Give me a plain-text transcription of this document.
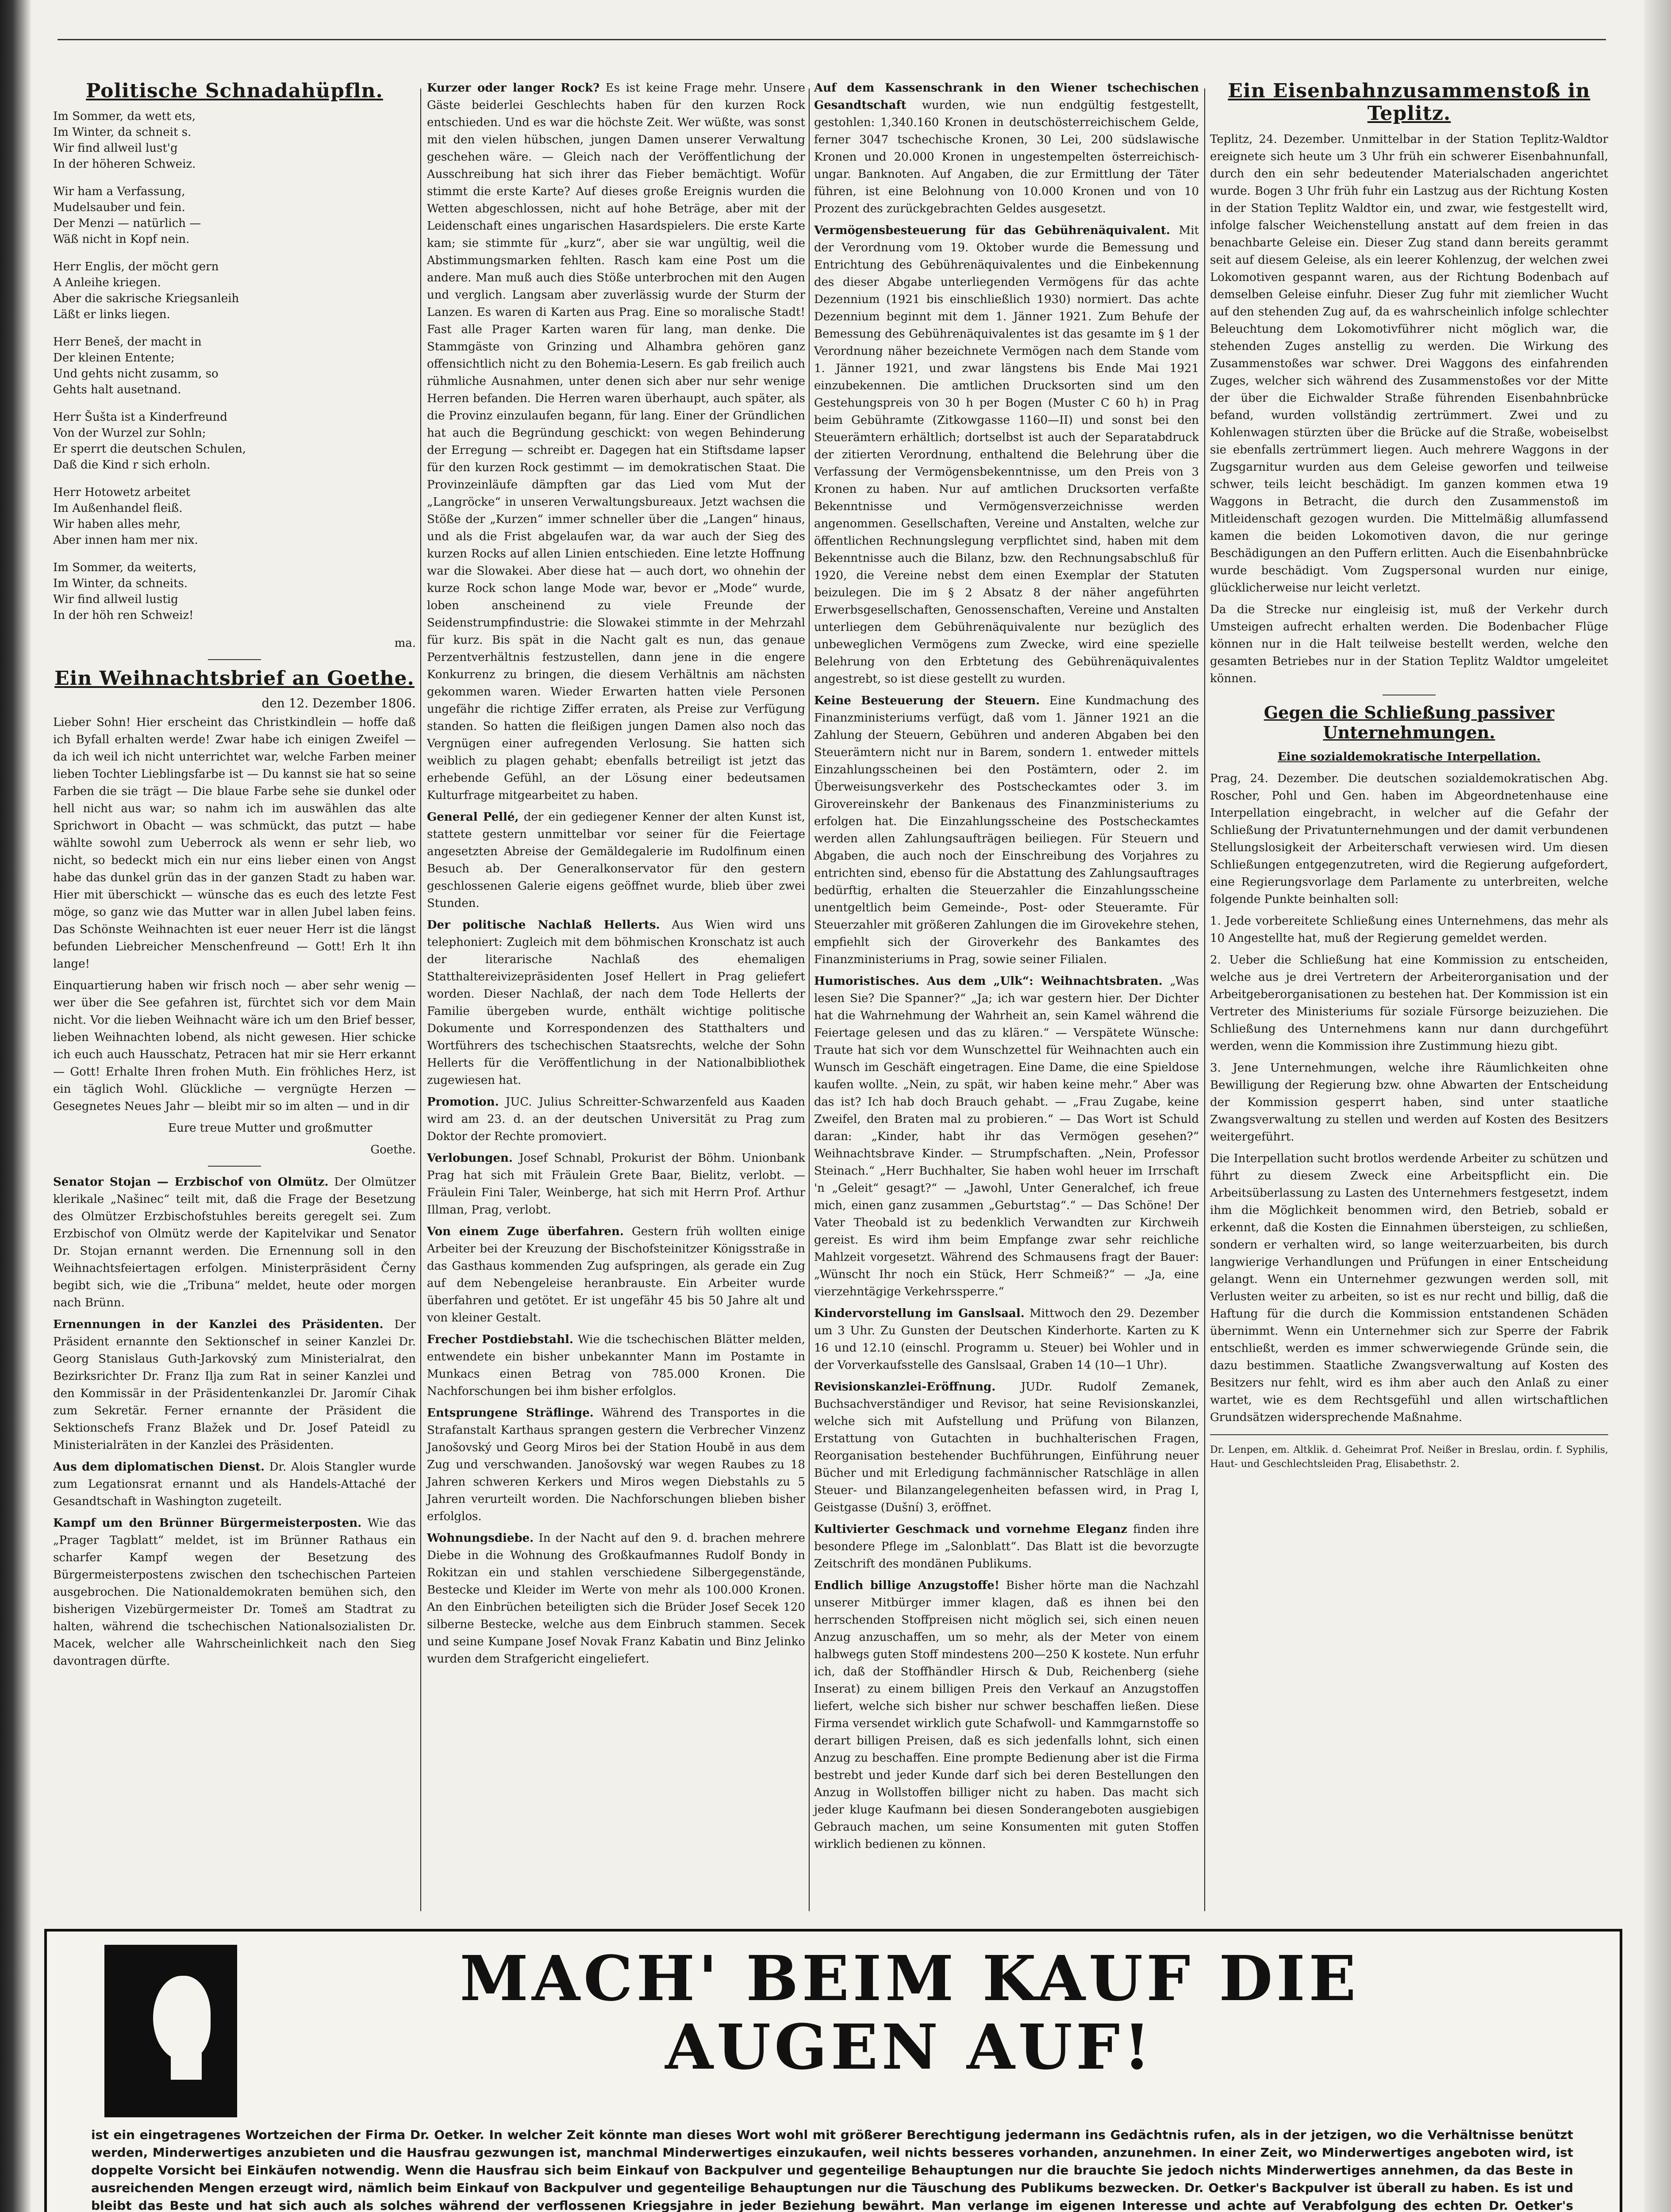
Politische Schnadahüpfln.

Im Sommer, da wett ets,

Im Winter, da schneit s.

Wir find allweil lust'g

In der höheren Schweiz.

Wir ham a Verfassung,

Mudelsauber und fein.

Der Menzi — natürlich —

Wäß nicht in Kopf nein.

Herr Englis, der möcht gern

A Anleihe kriegen.

Aber die sakrische Kriegsanleih

Läßt er links liegen.

Herr Beneš, der macht in

Der kleinen Entente;

Und gehts nicht zusamm, so

Gehts halt ausetnand.

Herr Šušta ist a Kinderfreund

Von der Wurzel zur Sohln;

Er sperrt die deutschen Schulen,

Daß die Kind r sich erholn.

Herr Hotowetz arbeitet

Im Außenhandel fleiß.

Wir haben alles mehr,

Aber innen ham mer nix.

Im Sommer, da weiterts,

Im Winter, da schneits.

Wir find allweil lustig

In der höh ren Schweiz!

ma.

Ein Weihnachtsbrief an Goethe.
den 12. Dezember 1806.

Lieber Sohn! Hier erscheint das Christkindlein — hoffe daß ich Byfall erhalten werde! Zwar habe ich einigen Zweifel — da ich weil ich nicht unterrichtet war, welche Farben meiner lieben Tochter Lieblingsfarbe ist — Du kannst sie hat so seine Farben die sie trägt — Die blaue Farbe sehe sie dunkel oder hell nicht aus war; so nahm ich im auswählen das alte Sprichwort in Obacht — was schmückt, das putzt — habe wählte sowohl zum Ueberrock als wenn er sehr lieb, wo nicht, so bedeckt mich ein nur eins lieber einen von Angst habe das dunkel grün das in der ganzen Stadt zu haben war. Hier mit überschickt — wünsche das es euch des letzte Fest möge, so ganz wie das Mutter war in allen Jubel laben feins. Das Schönste Weihnachten ist euer neuer Herr ist die längst befunden Liebreicher Menschenfreund — Gott! Erh lt ihn lange!

Einquartierung haben wir frisch noch — aber sehr wenig — wer über die See gefahren ist, fürchtet sich vor dem Main nicht. Vor die lieben Weihnacht wäre ich um den Brief besser, lieben Weihnachten lobend, als nicht gewesen. Hier schicke ich euch auch Hausschatz, Petracen hat mir sie Herr erkannt — Gott! Erhalte Ihren frohen Muth. Ein fröhliches Herz, ist ein täglich Wohl. Glückliche — vergnügte Herzen — Gesegnetes Neues Jahr — bleibt mir so im alten — und in dir

Eure treue Mutter und großmutter

Goethe.

Senator Stojan — Erzbischof von Olmütz. Der Olmützer klerikale „Našinec“ teilt mit, daß die Frage der Besetzung des Olmützer Erzbischofstuhles bereits geregelt sei. Zum Erzbischof von Olmütz werde der Kapitelvikar und Senator Dr. Stojan ernannt werden. Die Ernennung soll in den Weihnachtsfeiertagen erfolgen. Ministerpräsident Černy begibt sich, wie die „Tribuna“ meldet, heute oder morgen nach Brünn.

Ernennungen in der Kanzlei des Präsidenten. Der Präsident ernannte den Sektionschef in seiner Kanzlei Dr. Georg Stanislaus Guth-Jarkovský zum Ministerialrat, den Bezirksrichter Dr. Franz Ilja zum Rat in seiner Kanzlei und den Kommissär in der Präsidentenkanzlei Dr. Jaromír Cihak zum Sekretär. Ferner ernannte der Präsident die Sektionschefs Franz Blažek und Dr. Josef Pateidl zu Ministerialräten in der Kanzlei des Präsidenten.

Aus dem diplomatischen Dienst. Dr. Alois Stangler wurde zum Legationsrat ernannt und als Handels-Attaché der Gesandtschaft in Washington zugeteilt.

Kampf um den Brünner Bürgermeisterposten. Wie das „Prager Tagblatt“ meldet, ist im Brünner Rathaus ein scharfer Kampf wegen der Besetzung des Bürgermeisterpostens zwischen den tschechischen Parteien ausgebrochen. Die Nationaldemokraten bemühen sich, den bisherigen Vizebürgermeister Dr. Tomeš am Stadtrat zu halten, während die tschechischen Nationalsozialisten Dr. Macek, welcher alle Wahrscheinlichkeit nach den Sieg davontragen dürfte.

Kurzer oder langer Rock? Es ist keine Frage mehr. Unsere Gäste beiderlei Geschlechts haben für den kurzen Rock entschieden. Und es war die höchste Zeit. Wer wüßte, was sonst mit den vielen hübschen, jungen Damen unserer Verwaltung geschehen wäre. — Gleich nach der Veröffentlichung der Ausschreibung hat sich ihrer das Fieber bemächtigt. Wofür stimmt die erste Karte? Auf dieses große Ereignis wurden die Wetten abgeschlossen, nicht auf hohe Beträge, aber mit der Leidenschaft eines ungarischen Hasardspielers. Die erste Karte kam; sie stimmte für „kurz“, aber sie war ungültig, weil die Abstimmungsmarken fehlten. Rasch kam eine Post um die andere. Man muß auch dies Stöße unterbrochen mit den Augen und verglich. Langsam aber zuverlässig wurde der Sturm der Lanzen. Es waren di Karten aus Prag. Eine so moralische Stadt! Fast alle Prager Karten waren für lang, man denke. Die Stammgäste von Grinzing und Alhambra gehören ganz offensichtlich nicht zu den Bohemia-Lesern. Es gab freilich auch rühmliche Ausnahmen, unter denen sich aber nur sehr wenige Herren befanden. Die Herren waren überhaupt, auch später, als die Provinz einzulaufen begann, für lang. Einer der Gründlichen hat auch die Begründung geschickt: von wegen Behinderung der Erregung — schreibt er. Dagegen hat ein Stiftsdame lapser für den kurzen Rock gestimmt — im demokratischen Staat. Die Provinzeinläufe dämpften gar das Lied vom Mut der „Langröcke“ in unseren Verwaltungsbureaux. Jetzt wachsen die Stöße der „Kurzen“ immer schneller über die „Langen“ hinaus, und als die Frist abgelaufen war, da war auch der Sieg des kurzen Rocks auf allen Linien entschieden. Eine letzte Hoffnung war die Slowakei. Aber diese hat — auch dort, wo ohnehin der kurze Rock schon lange Mode war, bevor er „Mode“ wurde, loben anscheinend zu viele Freunde der Seidenstrumpfindustrie: die Slowakei stimmte in der Mehrzahl für kurz. Bis spät in die Nacht galt es nun, das genaue Perzentverhältnis festzustellen, dann jene in die engere Konkurrenz zu bringen, die diesem Verhältnis am nächsten gekommen waren. Wieder Erwarten hatten viele Personen ungefähr die richtige Ziffer erraten, als Preise zur Verfügung standen. So hatten die fleißigen jungen Damen also noch das Vergnügen einer aufregenden Verlosung. Sie hatten sich weiblich zu plagen gehabt; ebenfalls betreiligt ist jetzt das erhebende Gefühl, an der Lösung einer bedeutsamen Kulturfrage mitgearbeitet zu haben.

General Pellé, der ein gediegener Kenner der alten Kunst ist, stattete gestern unmittelbar vor seiner für die Feiertage angesetzten Abreise der Gemäldegalerie im Rudolfinum einen Besuch ab. Der Generalkonservator für den gestern geschlossenen Galerie eigens geöffnet wurde, blieb über zwei Stunden.

Der politische Nachlaß Hellerts. Aus Wien wird uns telephoniert: Zugleich mit dem böhmischen Kronschatz ist auch der literarische Nachlaß des ehemaligen Statthaltereivizepräsidenten Josef Hellert in Prag geliefert worden. Dieser Nachlaß, der nach dem Tode Hellerts der Familie übergeben wurde, enthält wichtige politische Dokumente und Korrespondenzen des Statthalters und Wortführers des tschechischen Staatsrechts, welche der Sohn Hellerts für die Veröffentlichung in der Nationalbibliothek zugewiesen hat.

Promotion. JUC. Julius Schreitter-Schwarzenfeld aus Kaaden wird am 23. d. an der deutschen Universität zu Prag zum Doktor der Rechte promoviert.

Verlobungen. Josef Schnabl, Prokurist der Böhm. Unionbank Prag hat sich mit Fräulein Grete Baar, Bielitz, verlobt. — Fräulein Fini Taler, Weinberge, hat sich mit Herrn Prof. Arthur Illman, Prag, verlobt.

Von einem Zuge überfahren. Gestern früh wollten einige Arbeiter bei der Kreuzung der Bischofsteinitzer Königsstraße in das Gasthaus kommenden Zug aufspringen, als gerade ein Zug auf dem Nebengeleise heranbrauste. Ein Arbeiter wurde überfahren und getötet. Er ist ungefähr 45 bis 50 Jahre alt und von kleiner Gestalt.

Frecher Postdiebstahl. Wie die tschechischen Blätter melden, entwendete ein bisher unbekannter Mann im Postamte in Munkacs einen Betrag von 785.000 Kronen. Die Nachforschungen bei ihm bisher erfolglos.

Entsprungene Sträflinge. Während des Transportes in die Strafanstalt Karthaus sprangen gestern die Verbrecher Vinzenz Janošovský und Georg Miros bei der Station Houbě in aus dem Zug und verschwanden. Janošovský war wegen Raubes zu 18 Jahren schweren Kerkers und Miros wegen Diebstahls zu 5 Jahren verurteilt worden. Die Nachforschungen blieben bisher erfolglos.

Wohnungsdiebe. In der Nacht auf den 9. d. brachen mehrere Diebe in die Wohnung des Großkaufmannes Rudolf Bondy in Rokitzan ein und stahlen verschiedene Silbergegenstände, Bestecke und Kleider im Werte von mehr als 100.000 Kronen. An den Einbrüchen beteiligten sich die Brüder Josef Secek 120 silberne Bestecke, welche aus dem Einbruch stammen. Secek und seine Kumpane Josef Novak Franz Kabatin und Binz Jelinko wurden dem Strafgericht eingeliefert.

Auf dem Kassenschrank in den Wiener tschechischen Gesandtschaft wurden, wie nun endgültig festgestellt, gestohlen: 1,340.160 Kronen in deutschösterreichischem Gelde, ferner 3047 tschechische Kronen, 30 Lei, 200 südslawische Kronen und 20.000 Kronen in ungestempelten österreichisch-ungar. Banknoten. Auf Angaben, die zur Ermittlung der Täter führen, ist eine Belohnung von 10.000 Kronen und von 10 Prozent des zurückgebrachten Geldes ausgesetzt.

Vermögensbesteuerung für das Gebührenäquivalent. Mit der Verordnung vom 19. Oktober wurde die Bemessung und Entrichtung des Gebührenäquivalentes und die Einbekennung des dieser Abgabe unterliegenden Vermögens für das achte Dezennium (1921 bis einschließlich 1930) normiert. Das achte Dezennium beginnt mit dem 1. Jänner 1921. Zum Behufe der Bemessung des Gebührenäquivalentes ist das gesamte im § 1 der Verordnung näher bezeichnete Vermögen nach dem Stande vom 1. Jänner 1921, und zwar längstens bis Ende Mai 1921 einzubekennen. Die amtlichen Drucksorten sind um den Gestehungspreis von 30 h per Bogen (Muster C 60 h) in Prag beim Gebühramte (Zitkowgasse 1160—II) und sonst bei den Steuerämtern erhältlich; dortselbst ist auch der Separatabdruck der zitierten Verordnung, enthaltend die Belehrung über die Verfassung der Vermögensbekenntnisse, um den Preis von 3 Kronen zu haben. Nur auf amtlichen Drucksorten verfaßte Bekenntnisse und Vermögensverzeichnisse werden angenommen. Gesellschaften, Vereine und Anstalten, welche zur öffentlichen Rechnungslegung verpflichtet sind, haben mit dem Bekenntnisse auch die Bilanz, bzw. den Rechnungsabschluß für 1920, die Vereine nebst dem einen Exemplar der Statuten beizulegen. Die im § 2 Absatz 8 der näher angeführten Erwerbsgesellschaften, Genossenschaften, Vereine und Anstalten unterliegen dem Gebührenäquivalente nur bezüglich des unbeweglichen Vermögens zum Zwecke, wird eine spezielle Belehrung von den Erbtetung des Gebührenäquivalentes angestrebt, so ist diese gestellt zu wurden.

Keine Besteuerung der Steuern. Eine Kundmachung des Finanzministeriums verfügt, daß vom 1. Jänner 1921 an die Zahlung der Steuern, Gebühren und anderen Abgaben bei den Steuerämtern nicht nur in Barem, sondern 1. entweder mittels Einzahlungsscheinen bei den Postämtern, oder 2. im Überweisungsverkehr des Postscheckamtes oder 3. im Girovereinskehr der Bankenaus des Finanzministeriums zu erfolgen hat. Die Einzahlungsscheine des Postscheckamtes werden allen Zahlungsaufträgen beiliegen. Für Steuern und Abgaben, die auch noch der Einschreibung des Vorjahres zu entrichten sind, ebenso für die Abstattung des Zahlungsauftrages bedürftig, erhalten die Steuerzahler die Einzahlungsscheine unentgeltlich beim Gemeinde-, Post- oder Steueramte. Für Steuerzahler mit größeren Zahlungen die im Girovekehre stehen, empfiehlt sich der Giroverkehr des Bankamtes des Finanzministeriums in Prag, sowie seiner Filialen.

Humoristisches. Aus dem „Ulk“: Weihnachtsbraten. „Was lesen Sie? Die Spanner?“ „Ja; ich war gestern hier. Der Dichter hat die Wahrnehmung der Wahrheit an, sein Kamel während die Feiertage gelesen und das zu klären.“ — Verspätete Wünsche: Traute hat sich vor dem Wunschzettel für Weihnachten auch ein Wunsch im Geschäft eingetragen. Eine Dame, die eine Spieldose kaufen wollte. „Nein, zu spät, wir haben keine mehr.“ Aber was das ist? Ich hab doch Brauch gehabt. — „Frau Zugabe, keine Zweifel, den Braten mal zu probieren.“ — Das Wort ist Schuld daran: „Kinder, habt ihr das Vermögen gesehen?“ Weihnachtsbrave Kinder. — Strumpfschaften. „Nein, Professor Steinach.“ „Herr Buchhalter, Sie haben wohl heuer im Irrschaft 'n „Geleit“ gesagt?“ — „Jawohl, Unter Generalchef, ich freue mich, einen ganz zusammen „Geburtstag“.“ — Das Schöne! Der Vater Theobald ist zu bedenklich Verwandten zur Kirchweih gereist. Es wird ihm beim Empfange zwar sehr reichliche Mahlzeit vorgesetzt. Während des Schmausens fragt der Bauer: „Wünscht Ihr noch ein Stück, Herr Schmeiß?“ — „Ja, eine vierzehntägige Verkehrssperre.“

Kindervorstellung im Ganslsaal. Mittwoch den 29. Dezember um 3 Uhr. Zu Gunsten der Deutschen Kinderhorte. Karten zu K 16 und 12.10 (einschl. Programm u. Steuer) bei Wohler und in der Vorverkaufsstelle des Ganslsaal, Graben 14 (10—1 Uhr).

Revisionskanzlei-Eröffnung. JUDr. Rudolf Zemanek, Buchsachverständiger und Revisor, hat seine Revisionskanzlei, welche sich mit Aufstellung und Prüfung von Bilanzen, Erstattung von Gutachten in buchhalterischen Fragen, Reorganisation bestehender Buchführungen, Einführung neuer Bücher und mit Erledigung fachmännischer Ratschläge in allen Steuer- und Bilanzangelegenheiten befassen wird, in Prag I, Geistgasse (Dušní) 3, eröffnet.

Kultivierter Geschmack und vornehme Eleganz finden ihre besondere Pflege im „Salonblatt“. Das Blatt ist die bevorzugte Zeitschrift des mondänen Publikums.

Endlich billige Anzugstoffe! Bisher hörte man die Nachzahl unserer Mitbürger immer klagen, daß es ihnen bei den herrschenden Stoffpreisen nicht möglich sei, sich einen neuen Anzug anzuschaffen, um so mehr, als der Meter von einem halbwegs guten Stoff mindestens 200—250 K kostete. Nun erfuhr ich, daß der Stoffhändler Hirsch & Dub, Reichenberg (siehe Inserat) zu einem billigen Preis den Verkauf an Anzugstoffen liefert, welche sich bisher nur schwer beschaffen ließen. Diese Firma versendet wirklich gute Schafwoll- und Kammgarnstoffe so derart billigen Preisen, daß es sich jedenfalls lohnt, sich einen Anzug zu beschaffen. Eine prompte Bedienung aber ist die Firma bestrebt und jeder Kunde darf sich bei deren Bestellungen den Anzug in Wollstoffen billiger nicht zu haben. Das macht sich jeder kluge Kaufmann bei diesen Sonderangeboten ausgiebigen Gebrauch machen, um seine Konsumenten mit guten Stoffen wirklich bedienen zu können.

Ein Eisenbahnzusammenstoß in Teplitz.

Teplitz, 24. Dezember. Unmittelbar in der Station Teplitz-Waldtor ereignete sich heute um 3 Uhr früh ein schwerer Eisenbahnunfall, durch den ein sehr bedeutender Materialschaden angerichtet wurde. Bogen 3 Uhr früh fuhr ein Lastzug aus der Richtung Kosten in der Station Teplitz Waldtor ein, und zwar, wie festgestellt wird, infolge falscher Weichenstellung anstatt auf dem freien in das benachbarte Geleise ein. Dieser Zug stand dann bereits gerammt seit auf diesem Geleise, als ein leerer Kohlenzug, der welchen zwei Lokomotiven gespannt waren, aus der Richtung Bodenbach auf demselben Geleise einfuhr. Dieser Zug fuhr mit ziemlicher Wucht auf den stehenden Zug auf, da es wahrscheinlich infolge schlechter Beleuchtung dem Lokomotivführer nicht möglich war, die stehenden Zuges anstellig zu werden. Die Wirkung des Zusammenstoßes war schwer. Drei Waggons des einfahrenden Zuges, welcher sich während des Zusammenstoßes vor der Mitte der über die Eichwalder Straße führenden Eisenbahnbrücke befand, wurden vollständig zertrümmert. Zwei und zu Kohlenwagen stürzten über die Brücke auf die Straße, wobeiselbst sie ebenfalls zertrümmert liegen. Auch mehrere Waggons in der Zugsgarnitur wurden aus dem Geleise geworfen und teilweise schwer, teils leicht beschädigt. Im ganzen kommen etwa 19 Waggons in Betracht, die durch den Zusammenstoß im Mitleidenschaft gezogen wurden. Die Mittelmäßig allumfassend kamen die beiden Lokomotiven davon, die nur geringe Beschädigungen an den Puffern erlitten. Auch die Eisenbahnbrücke wurde beschädigt. Vom Zugspersonal wurden nur einige, glücklicherweise nur leicht verletzt.

Da die Strecke nur eingleisig ist, muß der Verkehr durch Umsteigen aufrecht erhalten werden. Die Bodenbacher Flüge können nur in die Halt teilweise bestellt werden, welche den gesamten Betriebes nur in der Station Teplitz Waldtor umgeleitet können.

Gegen die Schließung passiver Unternehmungen.

Eine sozialdemokratische Interpellation.

Prag, 24. Dezember. Die deutschen sozialdemokratischen Abg. Roscher, Pohl und Gen. haben im Abgeordnetenhause eine Interpellation eingebracht, in welcher auf die Gefahr der Schließung der Privatunternehmungen und der damit verbundenen Stellungslosigkeit der Arbeiterschaft verwiesen wird. Um diesen Schließungen entgegenzutreten, wird die Regierung aufgefordert, eine Regierungsvorlage dem Parlamente zu unterbreiten, welche folgende Punkte beinhalten soll:

1. Jede vorbereitete Schließung eines Unternehmens, das mehr als 10 Angestellte hat, muß der Regierung gemeldet werden.

2. Ueber die Schließung hat eine Kommission zu entscheiden, welche aus je drei Vertretern der Arbeiterorganisation und der Arbeitgeberorganisationen zu bestehen hat. Der Kommission ist ein Vertreter des Ministeriums für soziale Fürsorge beizuziehen. Die Schließung des Unternehmens kann nur dann durchgeführt werden, wenn die Kommission ihre Zustimmung hiezu gibt.

3. Jene Unternehmungen, welche ihre Räumlichkeiten ohne Bewilligung der Regierung bzw. ohne Abwarten der Entscheidung der Kommission gesperrt haben, sind unter staatliche Zwangsverwaltung zu stellen und werden auf Kosten des Besitzers weitergeführt.

Die Interpellation sucht brotlos werdende Arbeiter zu schützen und führt zu diesem Zweck eine Arbeitspflicht ein. Die Arbeitsüberlassung zu Lasten des Unternehmers festgesetzt, indem ihm die Möglichkeit benommen wird, den Betrieb, sobald er erkennt, daß die Kosten die Einnahmen übersteigen, zu schließen, sondern er verhalten wird, so lange weiterzuarbeiten, bis durch langwierige Verhandlungen und Prüfungen in einer Entscheidung gelangt. Wenn ein Unternehmer gezwungen werden soll, mit Verlusten weiter zu arbeiten, so ist es nur recht und billig, daß die Haftung für die durch die Kommission entstandenen Schäden übernimmt. Wenn ein Unternehmer sich zur Sperre der Fabrik entschließt, werden es immer schwerwiegende Gründe sein, die dazu bestimmen. Staatliche Zwangsverwaltung auf Kosten des Besitzers nur fehlt, wird es ihm aber auch den Anlaß zu einer wartet, wie es dem Rechtsgefühl und allen wirtschaftlichen Grundsätzen widersprechende Maßnahme.

Dr. Lenpen, em. Altklik. d. Geheimrat Prof. Neißer in Breslau, ordin. f. Syphilis, Haut- und Geschlechtsleiden Prag, Elisabethstr. 2.

MACH' BEIM KAUF DIE
AUGEN AUF!
ist ein eingetragenes Wortzeichen der Firma Dr. Oetker. In welcher Zeit könnte man dieses Wort wohl mit größerer Berechtigung jedermann ins Gedächtnis rufen, als in der jetzigen, wo die Verhältnisse benützt werden, Minderwertiges anzubieten und die Hausfrau gezwungen ist, manchmal Minderwertiges einzukaufen, weil nichts besseres vorhanden, anzunehmen. In einer Zeit, wo Minderwertiges angeboten wird, ist doppelte Vorsicht bei Einkäufen notwendig. Wenn die Hausfrau sich beim Einkauf von Backpulver und gegenteilige Behauptungen nur die brauchte Sie jedoch nichts Minderwertiges annehmen, da das Beste in ausreichenden Mengen erzeugt wird, nämlich beim Einkauf von Backpulver und gegenteilige Behauptungen nur die Täuschung des Publikums bezwecken. Dr. Oetker's Backpulver ist überall zu haben. Es ist und bleibt das Beste und hat sich auch als solches während der verflossenen Kriegsjahre in jeder Beziehung bewährt. Man verlange im eigenen Interesse und achte auf Verabfolgung des echten Dr. Oetker's
